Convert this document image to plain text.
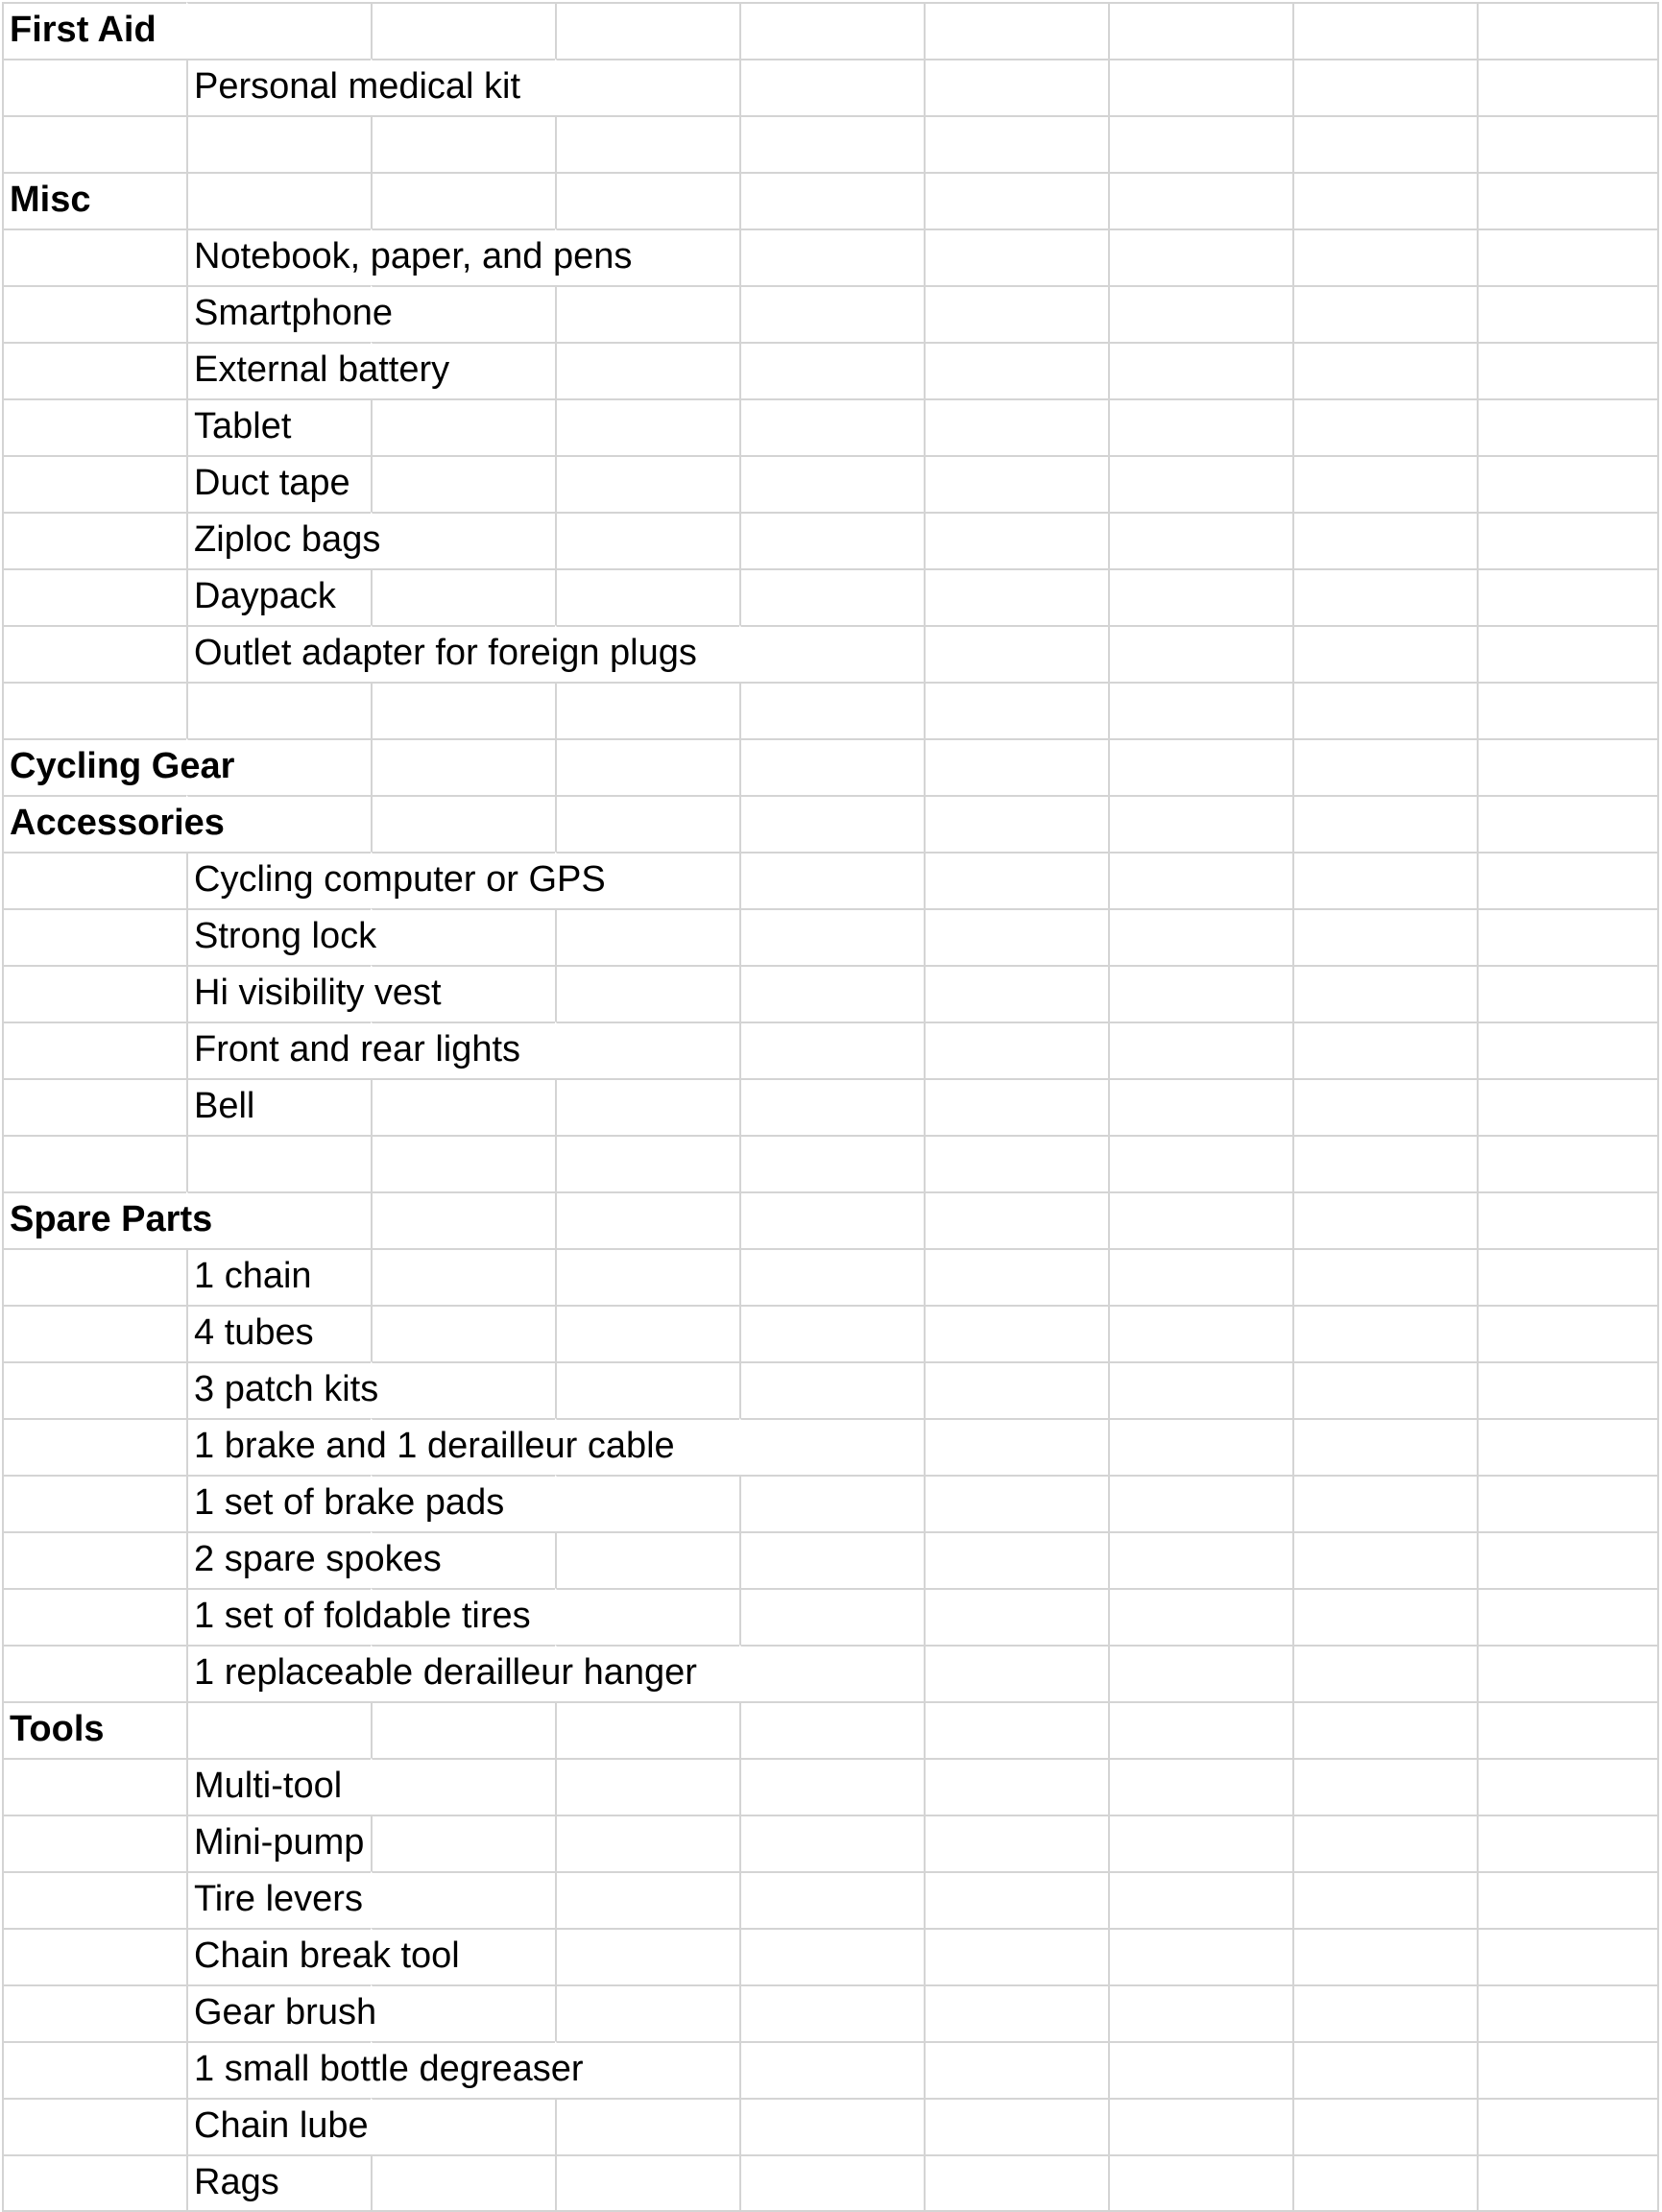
First Aid
Personal medical kit
Misc
Notebook, paper, and pens
Smartphone
External battery
Tablet
Duct tape
Ziploc bags
Daypack
Outlet adapter for foreign plugs
Cycling Gear
Accessories
Cycling computer or GPS
Strong lock
Hi visibility vest
Front and rear lights
Bell
Spare Parts
1 chain
4 tubes
3 patch kits
1 brake and 1 derailleur cable
1 set of brake pads
2 spare spokes
1 set of foldable tires
1 replaceable derailleur hanger
Tools
Multi-tool
Mini-pump
Tire levers
Chain break tool
Gear brush
1 small bottle degreaser
Chain lube
Rags
